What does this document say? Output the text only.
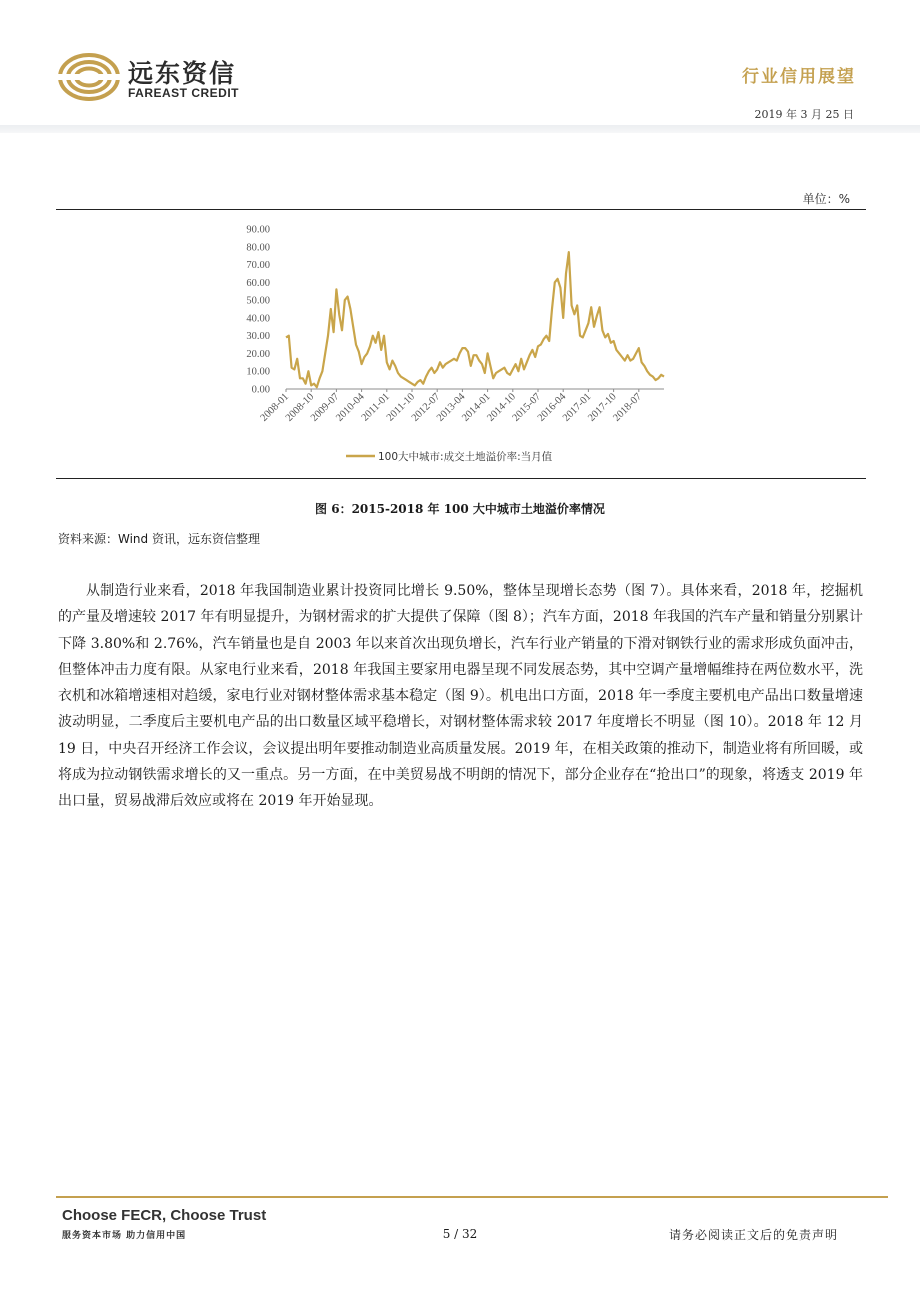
远东资信
FAREAST CREDIT
行业信用展望
2019 年 3 月 25 日
单位：%
0.00
10.00
20.00
30.00
40.00
50.00
60.00
70.00
80.00
90.00
2008-01
2008-10
2009-07
2010-04
2011-01
2011-10
2012-07
2013-04
2014-01
2014-10
2015-07
2016-04
2017-01
2017-10
2018-07
100大中城市:成交土地溢价率:当月值
图 6：2015-2018 年 100 大中城市土地溢价率情况
资料来源：Wind 资讯，远东资信整理
从制造行业来看，2018 年我国制造业累计投资同比增长 9.50%，整体呈现增长态势（图 7）。具体来看，2018 年，挖掘机的产量及增速较 2017 年有明显提升，为钢材需求的扩大提供了保障（图 8）；汽车方面，2018 年我国的汽车产量和销量分别累计下降 3.80%和 2.76%，汽车销量也是自 2003 年以来首次出现负增长，汽车行业产销量的下滑对钢铁行业的需求形成负面冲击，但整体冲击力度有限。从家电行业来看，2018 年我国主要家用电器呈现不同发展态势，其中空调产量增幅维持在两位数水平，洗衣机和冰箱增速相对趋缓，家电行业对钢材整体需求基本稳定（图 9）。机电出口方面，2018 年一季度主要机电产品出口数量增速波动明显，二季度后主要机电产品的出口数量区域平稳增长，对钢材整体需求较 2017 年度增长不明显（图 10）。2018 年 12 月 19 日，中央召开经济工作会议，会议提出明年要推动制造业高质量发展。2019 年，在相关政策的推动下，制造业将有所回暖，或将成为拉动钢铁需求增长的又一重点。另一方面，在中美贸易战不明朗的情况下，部分企业存在“抢出口”的现象，将透支 2019 年出口量，贸易战滞后效应或将在 2019 年开始显现。
Choose FECR, Choose Trust
服务资本市场 助力信用中国	5 / 32	请务必阅读正文后的免责声明
